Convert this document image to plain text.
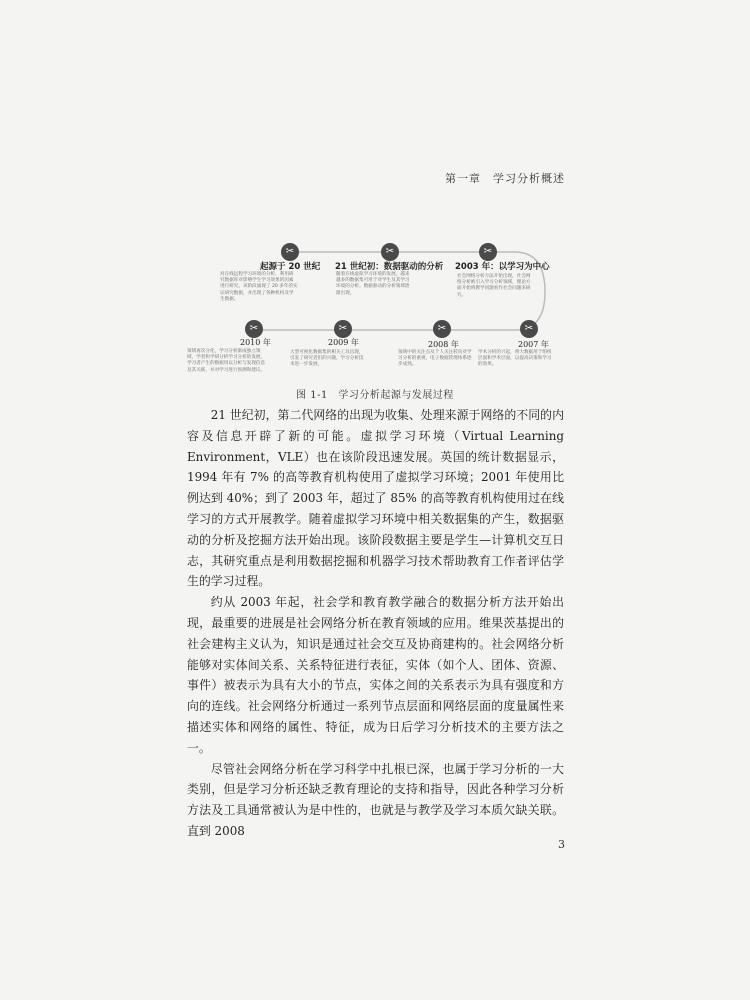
第一章　学习分析概述
✂
起源于 20 世纪
对在线远程学习环境的分析，利用研究数据库对影响学生学习效果的因素进行研究。该阶段涌现了 20 多年的实证研究数据，并出现了各种机构及学生数据。
✂
21 世纪初：数据驱动的分析
随着在线虚拟学习环境的发展，越来越多的数据集可用于对学生及其学习环境的分析。数据驱动的分析领域逐渐出现。
✂
2003 年：以学习为中心
社会网络分析方法开始出现，社会网络分析被引入学习分析领域，理论方面开始将教学问题看作社会问题来研究。
✂
2007 年
学术分析的兴起，将大数据用于组织层面和学术层面，以提高决策和学习的效果。
✂
2008 年
领域中的关注点从个人关注转向对学习分析的重视，电子数据管理体系逐步成熟。
✂
2009 年
大型可视化数据集的相关工具出现，引发了研究者们的兴趣，学习分析技术进一步发展。
✂
2010 年
领域再次分化，学习分析渐成独立领域，学者和学研分析学习分析的发展，学习者产生的数据用以分析与发现信息及其关联，并对学习进行预测和建议。
图 1-1　学习分析起源与发展过程

21 世纪初，第二代网络的出现为收集、处理来源于网络的不同的内容及信息开辟了新的可能。虚拟学习环境（Virtual Learning Environment，VLE）也在该阶段迅速发展。英国的统计数据显示，1994 年有 7% 的高等教育机构使用了虚拟学习环境；2001 年使用比例达到 40%；到了 2003 年，超过了 85% 的高等教育机构使用过在线学习的方式开展教学。随着虚拟学习环境中相关数据集的产生，数据驱动的分析及挖掘方法开始出现。该阶段数据主要是学生—计算机交互日志，其研究重点是利用数据挖掘和机器学习技术帮助教育工作者评估学生的学习过程。

约从 2003 年起，社会学和教育教学融合的数据分析方法开始出现，最重要的进展是社会网络分析在教育领域的应用。维果茨基提出的社会建构主义认为，知识是通过社会交互及协商建构的。社会网络分析能够对实体间关系、关系特征进行表征，实体（如个人、团体、资源、事件）被表示为具有大小的节点，实体之间的关系表示为具有强度和方向的连线。社会网络分析通过一系列节点层面和网络层面的度量属性来描述实体和网络的属性、特征，成为日后学习分析技术的主要方法之一。

尽管社会网络分析在学习科学中扎根已深，也属于学习分析的一大类别，但是学习分析还缺乏教育理论的支持和指导，因此各种学习分析方法及工具通常被认为是中性的，也就是与教学及学习本质欠缺关联。直到 2008

3
